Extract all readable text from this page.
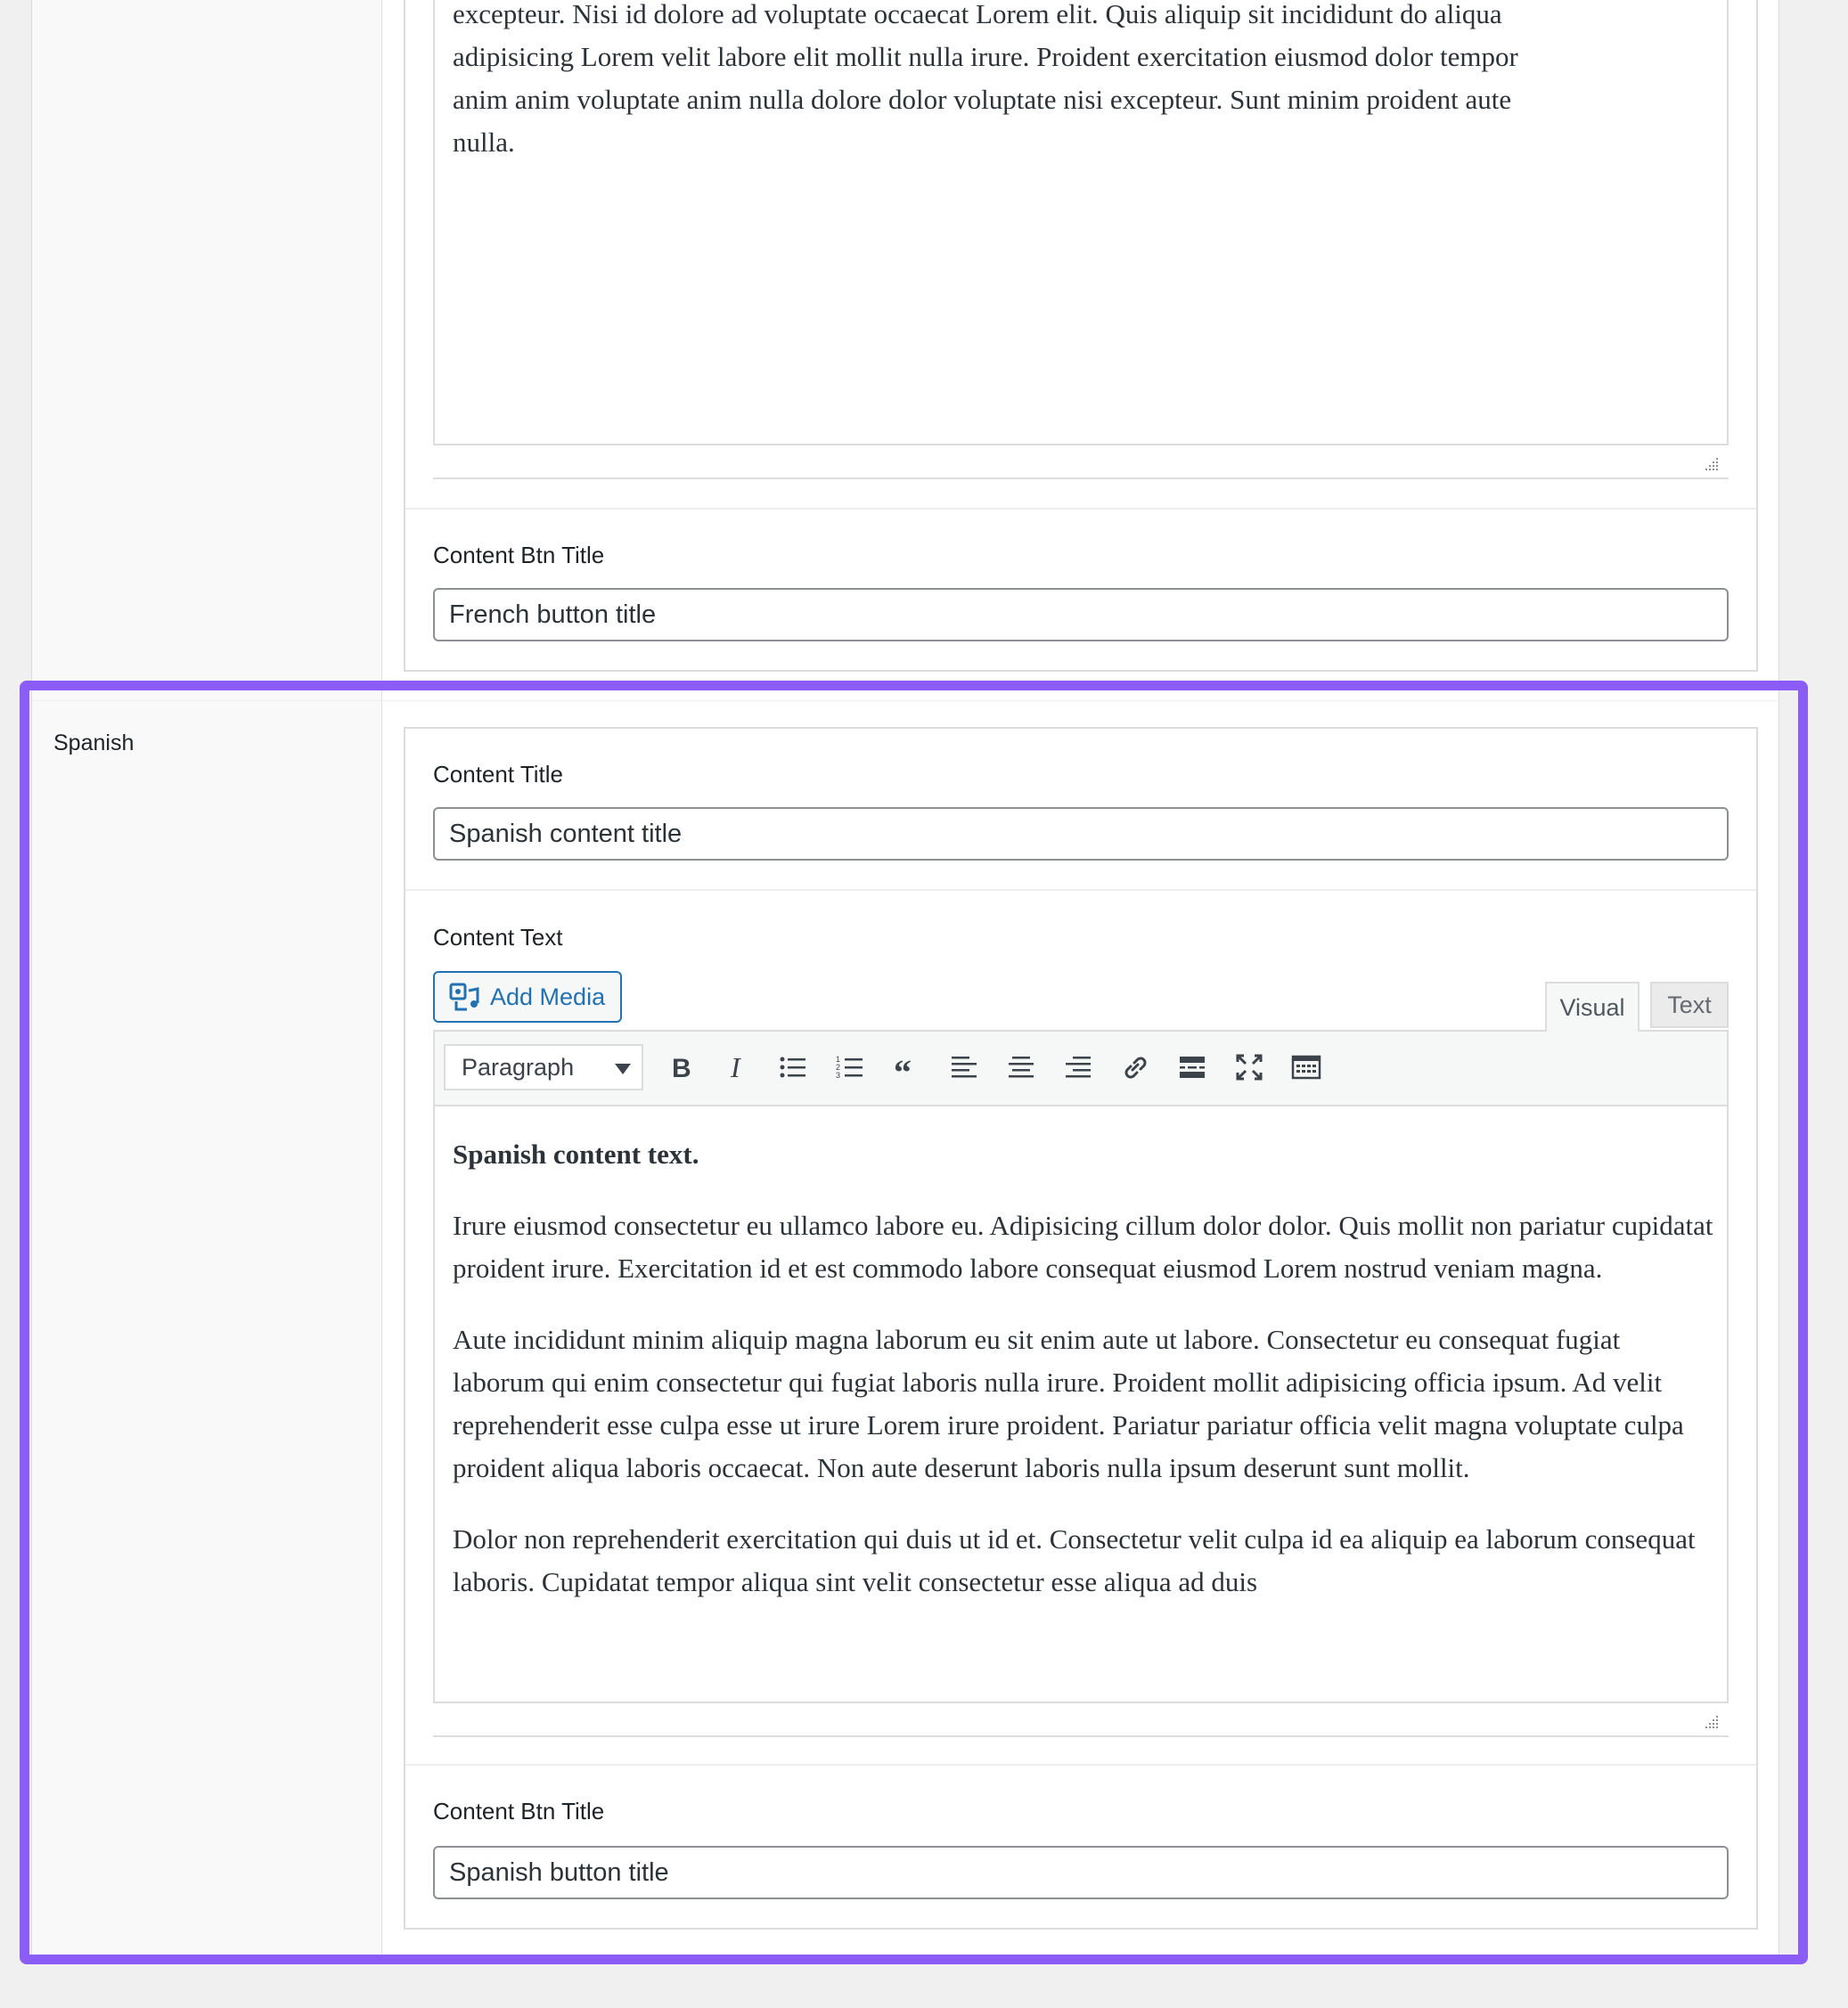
excepteur. Nisi id dolore ad voluptate occaecat Lorem elit. Quis aliquip sit incididunt do aliqua
adipisicing Lorem velit labore elit mollit nulla irure. Proident exercitation eiusmod dolor tempor
anim anim voluptate anim nulla dolore dolor voluptate nisi excepteur. Sunt minim proident aute
nulla.
Content Btn Title
French button title
Spanish
Content Title
Spanish content title
Content Text
Add Media	Visual	Text
Paragraph	B I	1
2
3 “
Spanish content text.

Irure eiusmod consectetur eu ullamco labore eu. Adipisicing cillum dolor dolor. Quis mollit non pariatur cupidatat proident irure. Exercitation id et est commodo labore consequat eiusmod Lorem nostrud veniam magna.

Aute incididunt minim aliquip magna laborum eu sit enim aute ut labore. Consectetur eu consequat fugiat laborum qui enim consectetur qui fugiat laboris nulla irure. Proident mollit adipisicing officia ipsum. Ad velit reprehenderit esse culpa esse ut irure Lorem irure proident. Pariatur pariatur officia velit magna voluptate culpa proident aliqua laboris occaecat. Non aute deserunt laboris nulla ipsum deserunt sunt mollit.

Dolor non reprehenderit exercitation qui duis ut id et. Consectetur velit culpa id ea aliquip ea laborum consequat laboris. Cupidatat tempor aliqua sint velit consectetur esse aliqua ad duis

Content Btn Title
Spanish button title
